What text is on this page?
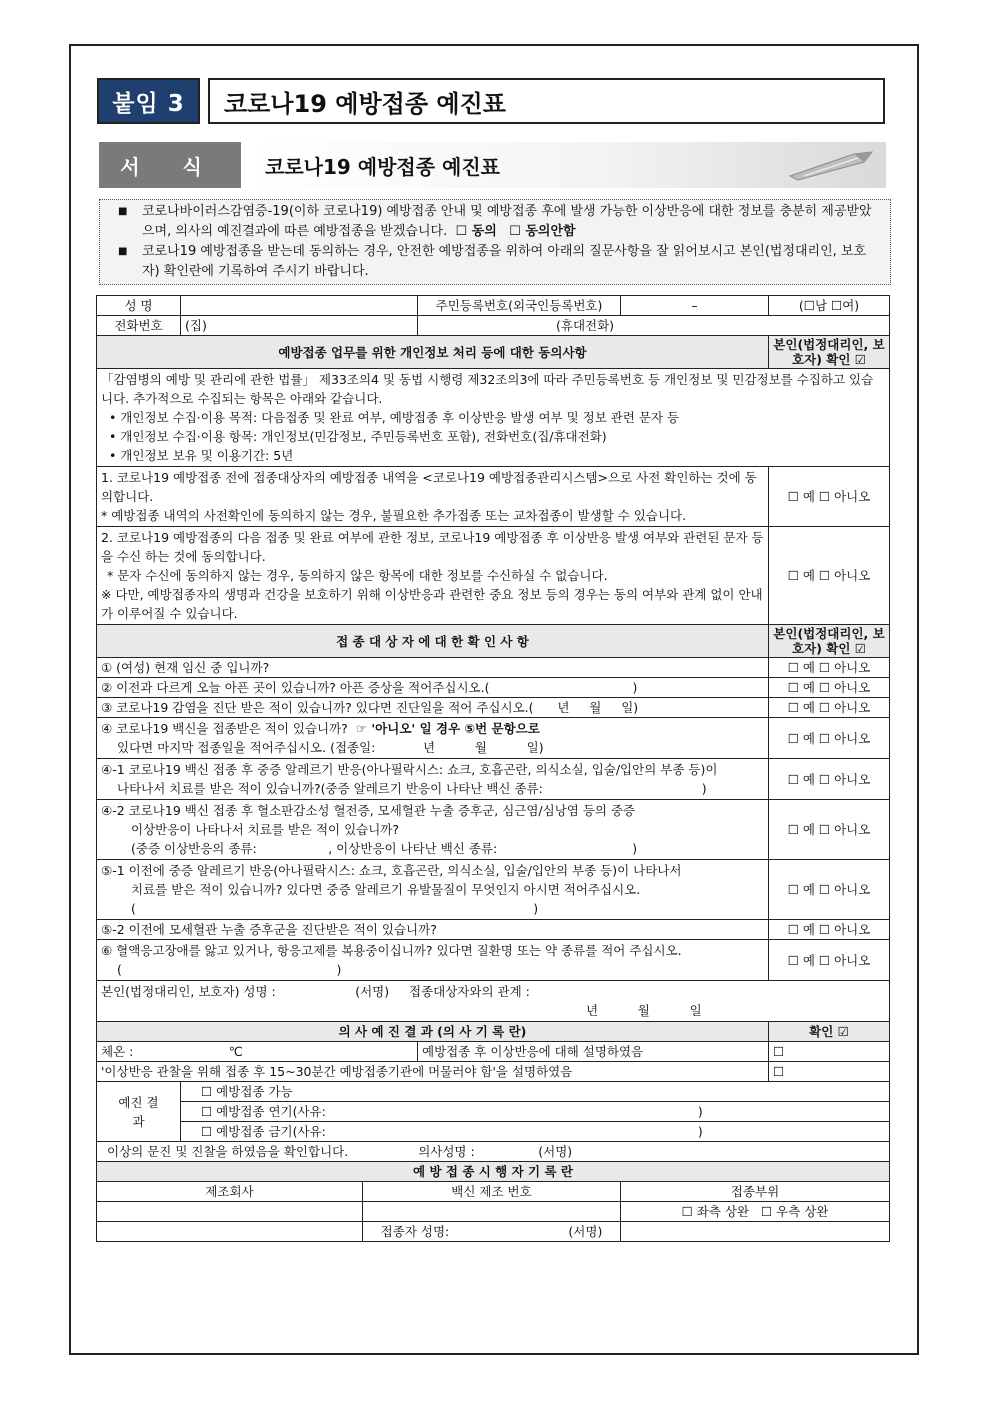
붙임 3	코로나19 예방접종 예진표
서 식	코로나19 예방접종 예진표
■	코로나바이러스감염증-19(이하 코로나19) 예방접종 안내 및 예방접종 후에 발생 가능한 이상반응에 대한 정보를 충분히 제공받았으며, 의사의 예진결과에 따른 예방접종을 받겠습니다. ☐ 동의 ☐ 동의안함
■	코로나19 예방접종을 받는데 동의하는 경우, 안전한 예방접종을 위하여 아래의 질문사항을 잘 읽어보시고 본인(법정대리인, 보호자) 확인란에 기록하여 주시기 바랍니다.
성 명			주민등록번호(외국인등록번호)	–	(☐남 ☐여)
전화번호	(집)		(휴대전화)		
예방접종 업무를 위한 개인정보 처리 등에 대한 동의사항					본인(법정대리인, 보호자) 확인 ☑

「감염병의 예방 및 관리에 관한 법률」 제33조의4 및 동법 시행령 제32조의3에 따라 주민등록번호 등 개인정보 및 민감정보를 수집하고 있습니다. 추가적으로 수집되는 항목은 아래와 같습니다.
• 개인정보 수집·이용 목적: 다음접종 및 완료 여부, 예방접종 후 이상반응 발생 여부 및 정보 관련 문자 등
• 개인정보 수집·이용 항목: 개인정보(민감정보, 주민등록번호 포함), 전화번호(집/휴대전화)
• 개인정보 보유 및 이용기간: 5년					

1. 코로나19 예방접종 전에 접종대상자의 예방접종 내역을 <코로나19 예방접종관리시스템>으로 사전 확인하는 것에 동의합니다.
* 예방접종 내역의 사전확인에 동의하지 않는 경우, 불필요한 추가접종 또는 교차접종이 발생할 수 있습니다.					☐ 예 ☐ 아니오

2. 코로나19 예방접종의 다음 접종 및 완료 여부에 관한 정보, 코로나19 예방접종 후 이상반응 발생 여부와 관련된 문자 등을 수신 하는 것에 동의합니다.
* 문자 수신에 동의하지 않는 경우, 동의하지 않은 항목에 대한 정보를 수신하실 수 없습니다.
※ 다만, 예방접종자의 생명과 건강을 보호하기 위해 이상반응과 관련한 중요 정보 등의 경우는 동의 여부와 관계 없이 안내가 이루어질 수 있습니다.					☐ 예 ☐ 아니오
접 종 대 상 자 에 대 한 확 인 사 항					본인(법정대리인, 보호자) 확인 ☑
① (여성) 현재 임신 중 입니까?					☐ 예 ☐ 아니오
② 이전과 다르게 오늘 아픈 곳이 있습니까? 아픈 증상을 적어주십시오.(                                    )					☐ 예 ☐ 아니오
③ 코로나19 감염을 진단 받은 적이 있습니까? 있다면 진단일을 적어 주십시오.(      년     월     일)					☐ 예 ☐ 아니오

④ 코로나19 백신을 접종받은 적이 있습니까? ☞ '아니오' 일 경우 ⑤번 문항으로
있다면 마지막 접종일을 적어주십시오. (접종일:            년          월          일)					☐ 예 ☐ 아니오

④-1 코로나19 백신 접종 후 중증 알레르기 반응(아나필락시스: 쇼크, 호흡곤란, 의식소실, 입술/입안의 부종 등)이
나타나서 치료를 받은 적이 있습니까?(중증 알레르기 반응이 나타난 백신 종류:                                        )					☐ 예 ☐ 아니오

④-2 코로나19 백신 접종 후 혈소판감소성 혈전증, 모세혈관 누출 증후군, 심근염/심낭염 등의 중증
이상반응이 나타나서 치료를 받은 적이 있습니까?
(중증 이상반응의 종류:                  , 이상반응이 나타난 백신 종류:                                  )					☐ 예 ☐ 아니오

⑤-1 이전에 중증 알레르기 반응(아나필락시스: 쇼크, 호흡곤란, 의식소실, 입술/입안의 부종 등)이 나타나서
치료를 받은 적이 있습니까? 있다면 중증 알레르기 유발물질이 무엇인지 아시면 적어주십시오.
(                                                                                                    )					☐ 예 ☐ 아니오
⑤-2 이전에 모세혈관 누출 증후군을 진단받은 적이 있습니까?					☐ 예 ☐ 아니오

⑥ 혈액응고장애를 앓고 있거나, 항응고제를 복용중이십니까? 있다면 질환명 또는 약 종류를 적어 주십시오.
(                                                      )					☐ 예 ☐ 아니오

본인(법정대리인, 보호자) 성명 :                    (서명)     접종대상자와의 관계 :
년          월          일					

의 사 예 진 결 과 (의 사 기 록 란)					확인 ☑
체온 :                        ℃			예방접종 후 이상반응에 대해 설명하였음		☐
'이상반응 관찰을 위해 접종 후 15~30분간 예방접종기관에 머물러야 함'을 설명하였음					☐
예진 결과	☐ 예방접종 가능				
	☐ 예방접종 연기(사유: )				
	☐ 예방접종 금기(사유: )				
이상의 문진 및 진찰을 하였음을 확인합니다. 의사성명 :                (서명)					
예 방 접 종 시 행 자 기 록 란					
제조회사		백신 제조 번호		접종부위	
				☐ 좌측 상완   ☐ 우측 상완	
		접종자 성명:                              (서명)			
